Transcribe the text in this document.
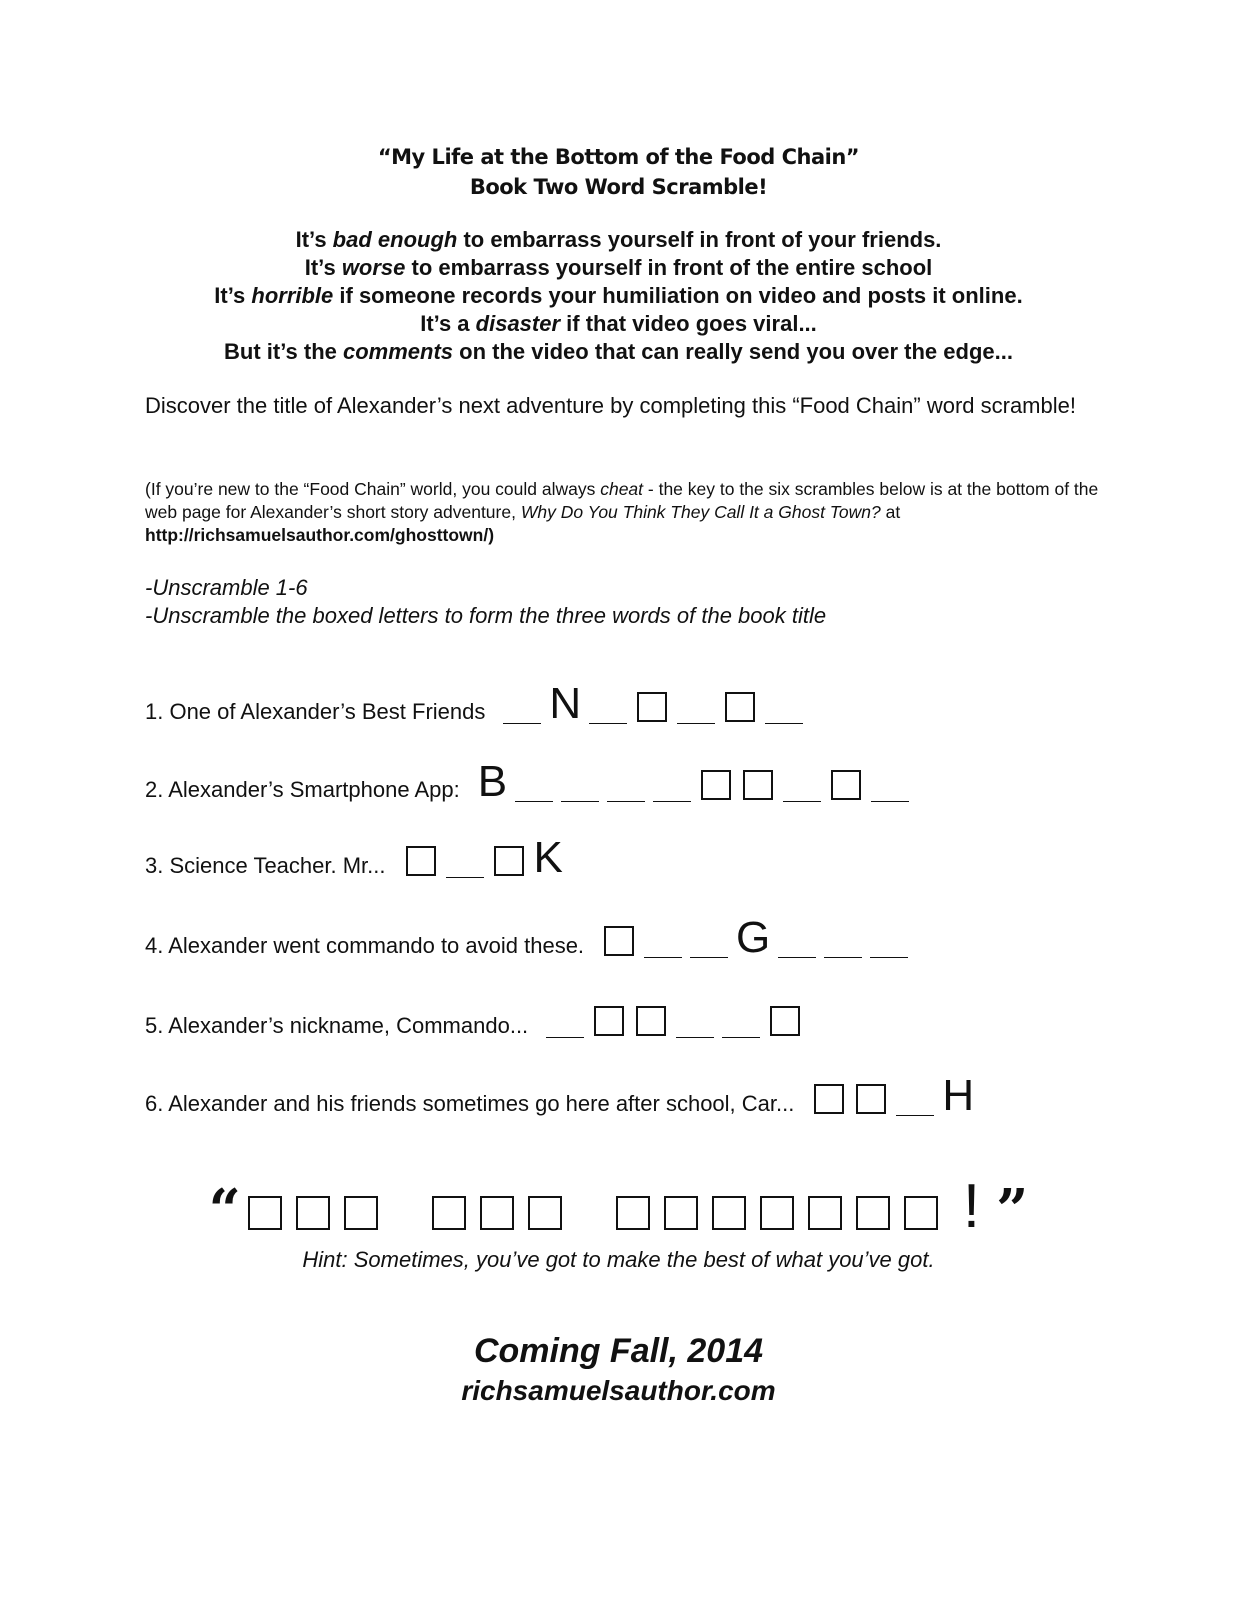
“My Life at the Bottom of the Food Chain”
Book Two Word Scramble!
It’s bad enough to embarrass yourself in front of your friends.
It’s worse to embarrass yourself in front of the entire school
It’s horrible if someone records your humiliation on video and posts it online.
It’s a disaster if that video goes viral...
But it’s the comments on the video that can really send you over the edge...
Discover the title of Alexander’s next adventure by completing this “Food Chain” word scramble!
(If you’re new to the “Food Chain” world, you could always cheat - the key to the six scrambles below is at the bottom of the web page for Alexander’s short story adventure, Why Do You Think They Call It a Ghost Town? at http://richsamuelsauthor.com/ghosttown/)
-Unscramble 1-6
-Unscramble the boxed letters to form the three words of the book title
1. One of Alexander’s Best Friends N
2. Alexander’s Smartphone App: B
3. Science Teacher. Mr...	K
4. Alexander went commando to avoid these.	G
5. Alexander’s nickname, Commando...
6. Alexander and his friends sometimes go here after school, Car...	H
“	! ”
Hint: Sometimes, you’ve got to make the best of what you’ve got.
Coming Fall, 2014
richsamuelsauthor.com
